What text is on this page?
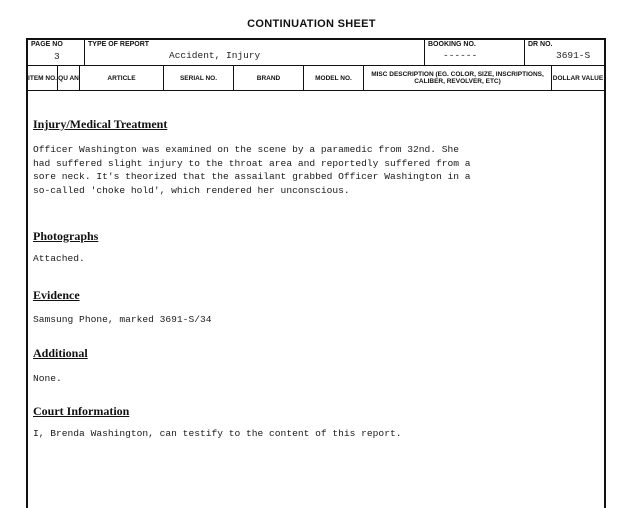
CONTINUATION SHEET
PAGE NO
3
TYPE OF REPORT
Accident, Injury
BOOKING NO.
------
DR NO.
3691-S
ITEM NO. QU AN	ARTICLE	SERIAL NO.	BRAND	MODEL NO.	MISC DESCRIPTION (EG. COLOR, SIZE, INSCRIPTIONS, CALIBER, REVOLVER, ETC)	DOLLAR VALUE
Injury/Medical Treatment
Officer Washington was examined on the scene by a paramedic from 32nd. She
had suffered slight injury to the throat area and reportedly suffered from a
sore neck. It's theorized that the assailant grabbed Officer Washington in a
so-called 'choke hold', which rendered her unconscious.
Photographs
Attached.
Evidence
Samsung Phone, marked 3691-S/34
Additional
None.
Court Information
I, Brenda Washington, can testify to the content of this report.
